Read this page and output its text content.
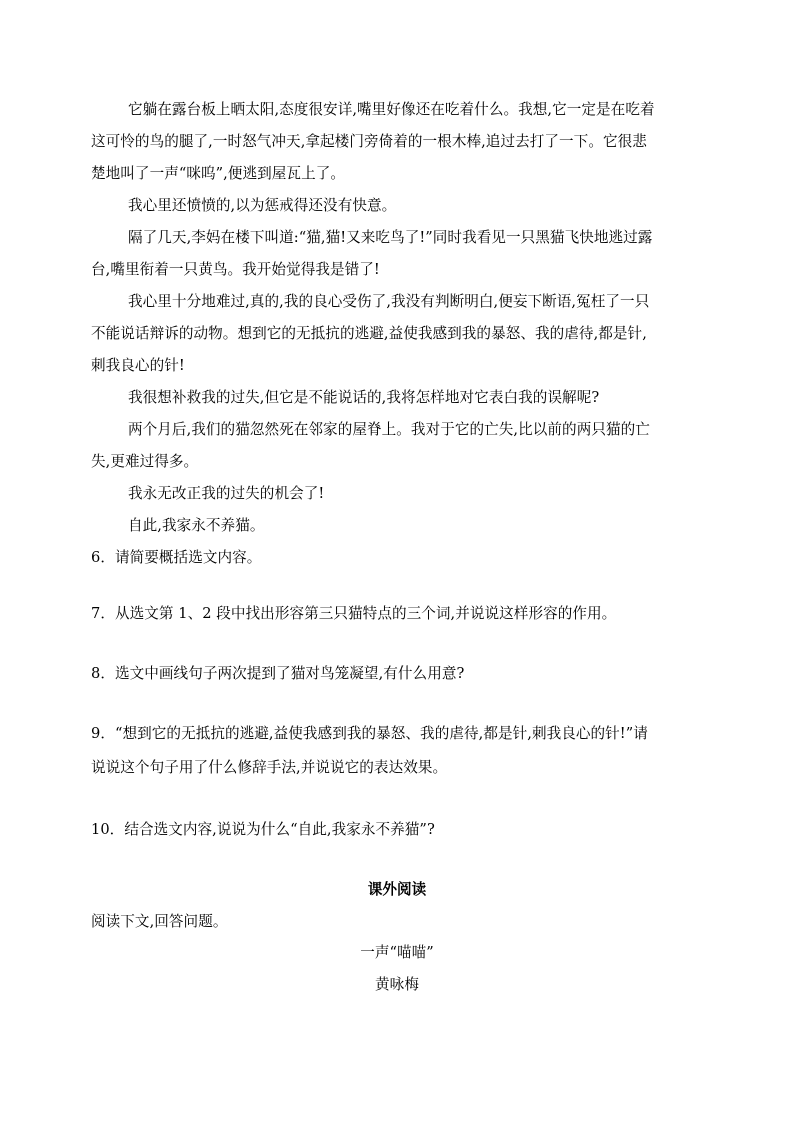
它躺在露台板上晒太阳,态度很安详,嘴里好像还在吃着什么。我想,它一定是在吃着
这可怜的鸟的腿了,一时怒气冲天,拿起楼门旁倚着的一根木棒,追过去打了一下。它很悲
楚地叫了一声“咪呜”,便逃到屋瓦上了。
我心里还愤愤的,以为惩戒得还没有快意。
隔了几天,李妈在楼下叫道:“猫,猫!又来吃鸟了!”同时我看见一只黑猫飞快地逃过露
台,嘴里衔着一只黄鸟。我开始觉得我是错了!
我心里十分地难过,真的,我的良心受伤了,我没有判断明白,便妄下断语,冤枉了一只
不能说话辩诉的动物。想到它的无抵抗的逃避,益使我感到我的暴怒、我的虐待,都是针,
刺我良心的针!
我很想补救我的过失,但它是不能说话的,我将怎样地对它表白我的误解呢?
两个月后,我们的猫忽然死在邻家的屋脊上。我对于它的亡失,比以前的两只猫的亡
失,更难过得多。
我永无改正我的过失的机会了!
自此,我家永不养猫。
6．请简要概括选文内容。
7．从选文第 1、2 段中找出形容第三只猫特点的三个词,并说说这样形容的作用。
8．选文中画线句子两次提到了猫对鸟笼凝望,有什么用意?
9．“想到它的无抵抗的逃避,益使我感到我的暴怒、我的虐待,都是针,刺我良心的针!”请
说说这个句子用了什么修辞手法,并说说它的表达效果。
10．结合选文内容,说说为什么“自此,我家永不养猫”?
课外阅读
阅读下文,回答问题。
一声“喵喵”
黄咏梅
